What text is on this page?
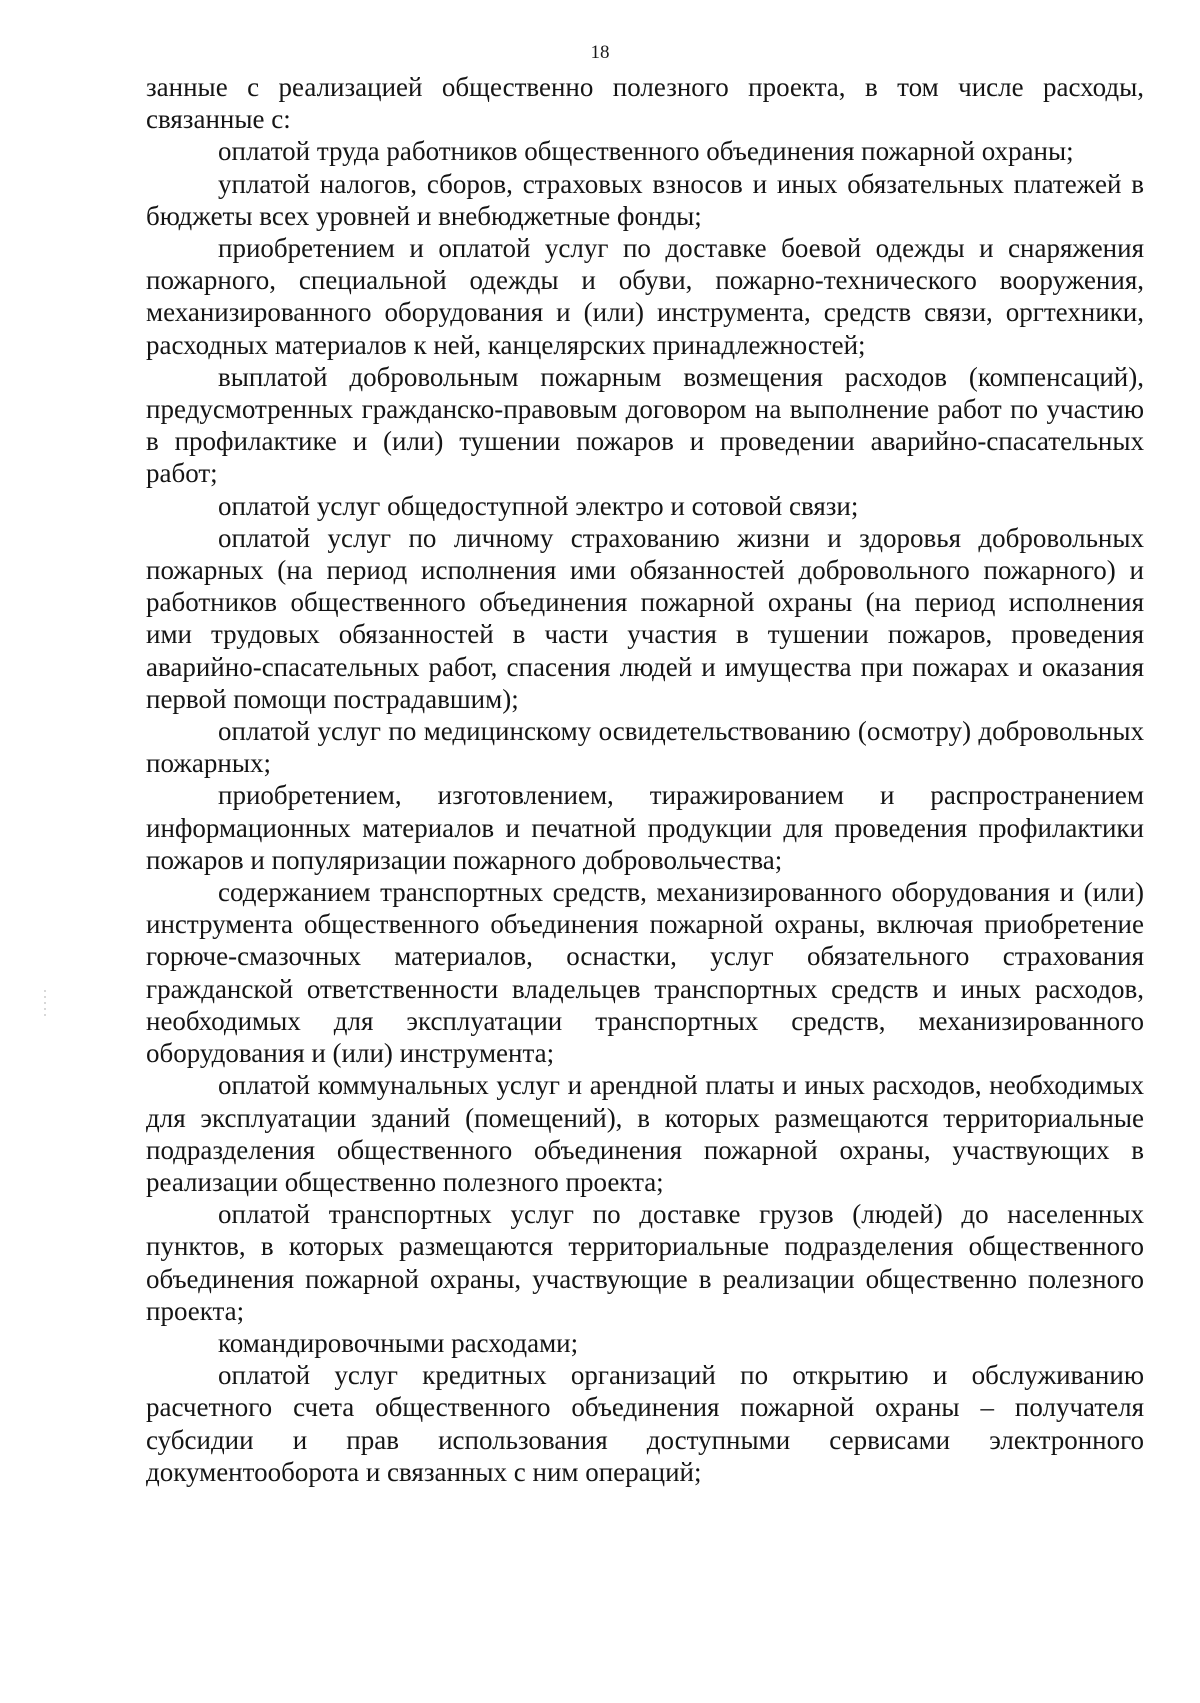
18

занные с реализацией общественно полезного проекта, в том числе расходы, связанные с:

оплатой труда работников общественного объединения пожарной охраны;

уплатой налогов, сборов, страховых взносов и иных обязательных платежей в бюджеты всех уровней и внебюджетные фонды;

приобретением и оплатой услуг по доставке боевой одежды и снаряжения пожарного, специальной одежды и обуви, пожарно-технического вооружения, механизированного оборудования и (или) инструмента, средств связи, оргтехники, расходных материалов к ней, канцелярских принадлежностей;

выплатой добровольным пожарным возмещения расходов (компенсаций), предусмотренных гражданско-правовым договором на выполнение работ по участию в профилактике и (или) тушении пожаров и проведении аварийно-спасательных работ;

оплатой услуг общедоступной электро и сотовой связи;

оплатой услуг по личному страхованию жизни и здоровья добровольных пожарных (на период исполнения ими обязанностей добровольного пожарного) и работников общественного объединения пожарной охраны (на период исполнения ими трудовых обязанностей в части участия в тушении пожаров, проведения аварийно-спасательных работ, спасения людей и имущества при пожарах и оказания первой помощи пострадавшим);

оплатой услуг по медицинскому освидетельствованию (осмотру) добровольных пожарных;

приобретением, изготовлением, тиражированием и распространением информационных материалов и печатной продукции для проведения профилактики пожаров и популяризации пожарного добровольчества;

содержанием транспортных средств, механизированного оборудования и (или) инструмента общественного объединения пожарной охраны, включая приобретение горюче-смазочных материалов, оснастки, услуг обязательного страхования гражданской ответственности владельцев транспортных средств и иных расходов, необходимых для эксплуатации транспортных средств, механизированного оборудования и (или) инструмента;

оплатой коммунальных услуг и арендной платы и иных расходов, необходимых для эксплуатации зданий (помещений), в которых размещаются территориальные подразделения общественного объединения пожарной охраны, участвующих в реализации общественно полезного проекта;

оплатой транспортных услуг по доставке грузов (людей) до населенных пунктов, в которых размещаются территориальные подразделения общественного объединения пожарной охраны, участвующие в реализации общественно полезного проекта;

командировочными расходами;

оплатой услуг кредитных организаций по открытию и обслуживанию расчетного счета общественного объединения пожарной охраны – получателя субсидии и прав использования доступными сервисами электронного документооборота и связанных с ним операций;
